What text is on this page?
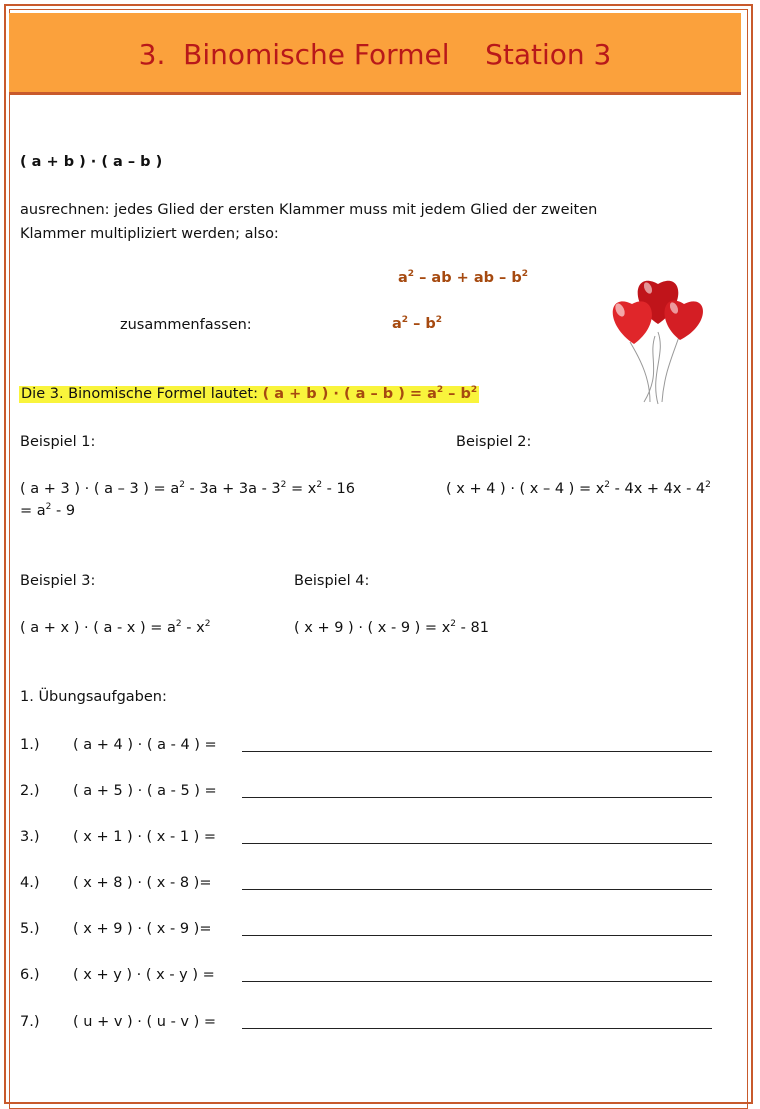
3.  Binomische Formel    Station 3
( a + b ) · ( a – b )
ausrechnen: jedes Glied der ersten Klammer muss mit jedem Glied der zweiten
Klammer multipliziert werden; also:
$a^2$ – ab + ab – $b^2$
zusammenfassen:	$a^2 - b^2$
Die 3. Binomische Formel lautet: ( a + b ) · ( a – b ) = $a^2 - b^2$
Beispiel 1:	Beispiel 2:
( a + 3 ) · ( a – 3 ) = $a^2 - 3a + 3a - 3^2 = x^2 - 16$
= $a^2 - 9$
( x + 4 ) · ( x – 4 ) = $x^2 - 4x + 4x - 4^2$
Beispiel 3:	Beispiel 4:
( a + x ) · ( a - x ) = $a^2 - x^2$	( x + 9 ) · ( x - 9 ) = $x^2 - 81$
1. Übungsaufgaben:
1.) ( a + 4 ) · ( a - 4 ) =
2.) ( a + 5 ) · ( a - 5 ) =
3.) ( x + 1 ) · ( x - 1 ) =
4.) ( x + 8 ) · ( x - 8 )=
5.) ( x + 9 ) · ( x - 9 )=
6.) ( x + y ) · ( x - y ) =
7.) ( u + v ) · ( u - v ) =
